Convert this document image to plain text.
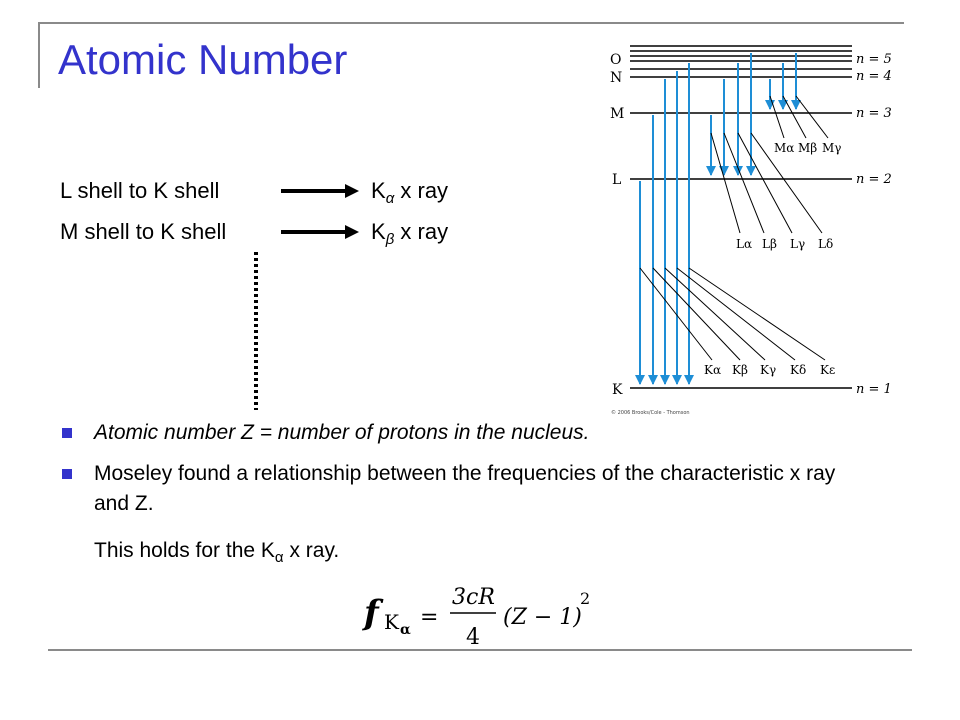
Atomic Number
L shell to K shell	$K_\alpha$ x ray
M shell to K shell	$K_\beta$ x ray
Atomic number Z = number of protons in the nucleus.
Moseley found a relationship between the frequencies of the characteristic x ray and Z.
This holds for the $K_\alpha$ x ray.
O
N
M
L
K
n = 5
n = 4
n = 3
n = 2
n = 1
Mα Mβ Mγ
Lα Lβ Lγ Lδ
Kα Kβ Kγ Kδ Kε
© 2006 Brooks/Cole - Thomson
f K α =
3cR
4
(Z − 1)
2
